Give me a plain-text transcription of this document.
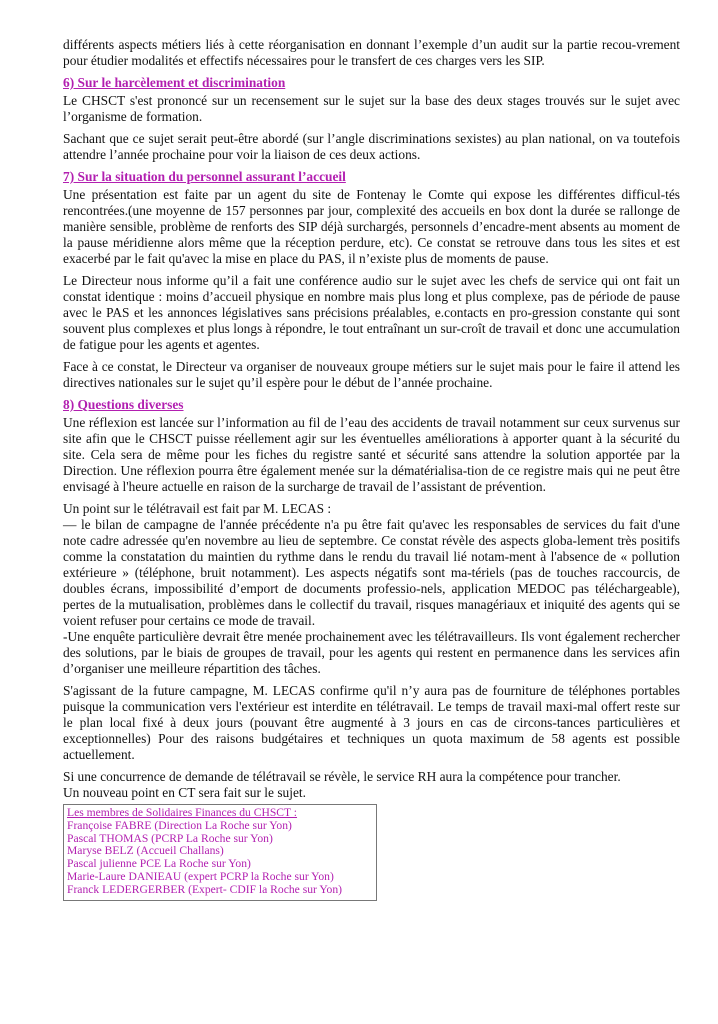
différents aspects métiers liés à cette réorganisation en donnant l’exemple d’un audit sur la partie recou-vrement pour étudier modalités et effectifs nécessaires pour le transfert de ces charges vers les SIP.

6) Sur le harcèlement et discrimination

Le CHSCT s'est prononcé sur un recensement sur le sujet sur la base des deux stages trouvés sur le sujet avec l’organisme de formation.

Sachant que ce sujet serait peut-être abordé (sur l’angle discriminations sexistes) au plan national, on va toutefois attendre l’année prochaine pour voir la liaison de ces deux actions.

7) Sur la situation du personnel assurant l’accueil

Une présentation est faite par un agent du site de Fontenay le Comte qui expose les différentes difficul-tés rencontrées.(une moyenne de 157 personnes par jour, complexité des accueils en box dont la durée se rallonge de manière sensible, problème de renforts des SIP déjà surchargés, personnels d’encadre-ment absents au moment de la pause méridienne alors même que la réception perdure, etc). Ce constat se retrouve dans tous les sites et est exacerbé par le fait qu'avec la mise en place du PAS, il n’existe plus de moments de pause.

Le Directeur nous informe qu’il a fait une conférence audio sur le sujet avec les chefs de service qui ont fait un constat identique : moins d’accueil physique en nombre mais plus long et plus complexe, pas de période de pause avec le PAS et les annonces législatives sans précisions préalables, e.contacts en pro-gression constante qui sont souvent plus complexes et plus longs à répondre, le tout entraînant un sur-croît de travail et donc une accumulation de fatigue pour les agents et agentes.

Face à ce constat, le Directeur va organiser de nouveaux groupe métiers sur le sujet mais pour le faire il attend les directives nationales sur le sujet qu’il espère pour le début de l’année prochaine.

8) Questions diverses

Une réflexion est lancée sur l’information au fil de l’eau des accidents de travail notamment sur ceux survenus sur site afin que le CHSCT puisse réellement agir sur les éventuelles améliorations à apporter quant à la sécurité du site. Cela sera de même pour les fiches du registre santé et sécurité sans attendre la solution apportée par la Direction. Une réflexion pourra être également menée sur la dématérialisa-tion de ce registre mais qui ne peut être envisagé à l'heure actuelle en raison de la surcharge de travail de l’assistant de prévention.

Un point sur le télétravail est fait par M. LECAS :

— le bilan de campagne de l'année précédente n'a pu être fait qu'avec les responsables de services du fait d'une note cadre adressée qu'en novembre au lieu de septembre. Ce constat révèle des aspects globa-lement très positifs comme la constatation du maintien du rythme dans le rendu du travail lié notam-ment à l'absence de « pollution extérieure » (téléphone, bruit notamment). Les aspects négatifs sont ma-tériels (pas de touches raccourcis, de doubles écrans, impossibilité d’emport de documents professio-nels, application MEDOC pas téléchargeable), pertes de la mutualisation, problèmes dans le collectif du travail, risques managériaux et iniquité des agents qui se voient refuser pour certains ce mode de travail.

-Une enquête particulière devrait être menée prochainement avec les télétravailleurs. Ils vont également rechercher des solutions, par le biais de groupes de travail, pour les agents qui restent en permanence dans les services afin d’organiser une meilleure répartition des tâches.

S'agissant de la future campagne, M. LECAS confirme qu'il n’y aura pas de fourniture de téléphones portables puisque la communication vers l'extérieur est interdite en télétravail. Le temps de travail maxi-mal offert reste sur le plan local fixé à deux jours (pouvant être augmenté à 3 jours en cas de circons-tances particulières et exceptionnelles) Pour des raisons budgétaires et techniques un quota maximum de 58 agents est possible actuellement.

Si une concurrence de demande de télétravail se révèle, le service RH aura la compétence pour trancher.

Un nouveau point en CT sera fait sur le sujet.

Les membres de Solidaires Finances du CHSCT :
Françoise FABRE (Direction La Roche sur Yon)
Pascal THOMAS (PCRP La Roche sur Yon)
Maryse BELZ (Accueil Challans)
Pascal julienne PCE La Roche sur Yon)
Marie-Laure DANIEAU (expert PCRP la Roche sur Yon)
Franck LEDERGERBER (Expert- CDIF la Roche sur Yon)
